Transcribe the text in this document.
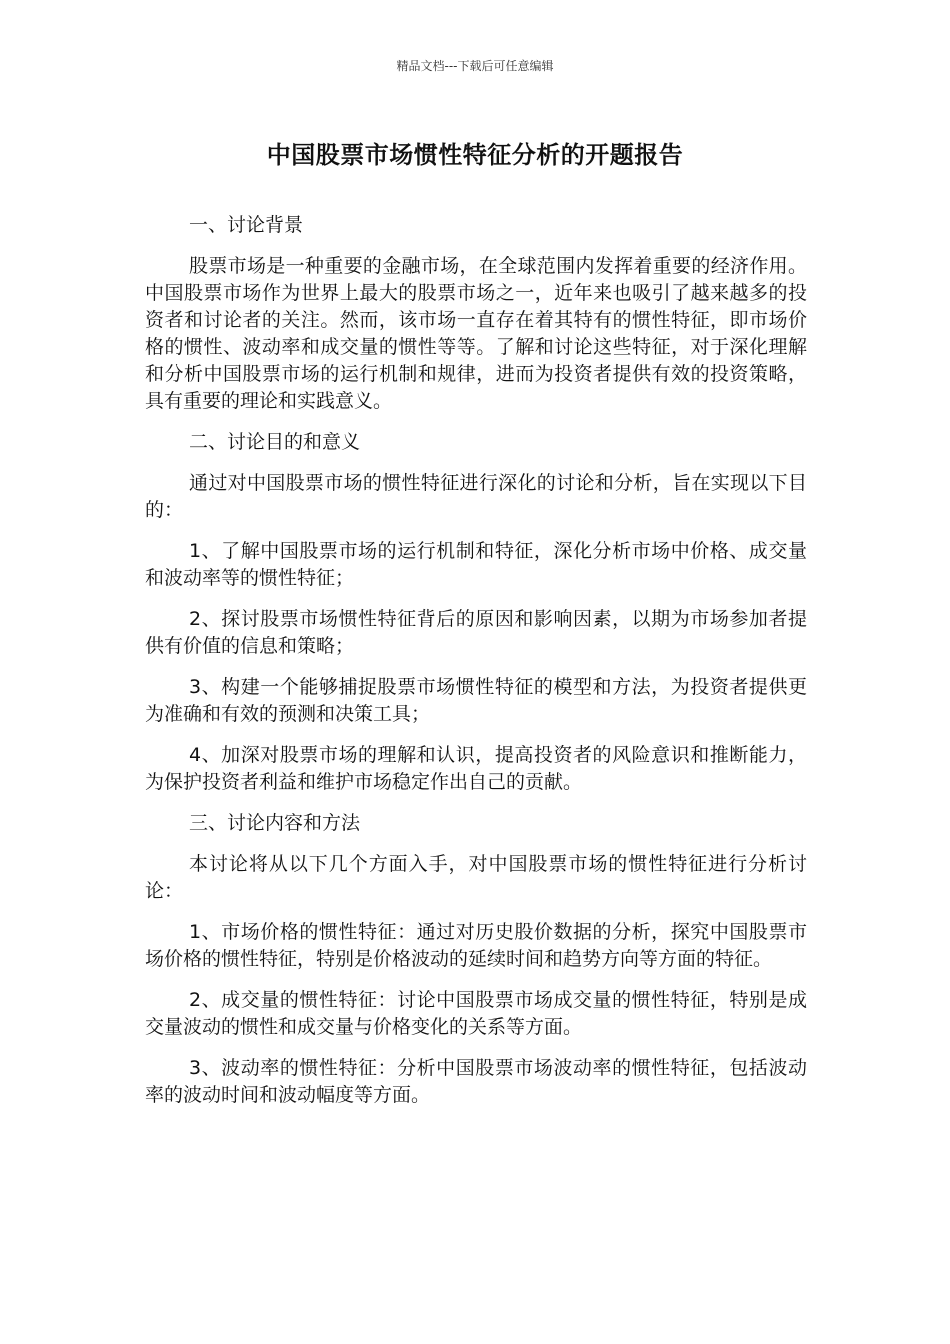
精品文档---下载后可任意编辑
中国股票市场惯性特征分析的开题报告

一、讨论背景

股票市场是一种重要的金融市场，在全球范围内发挥着重要的经济作用。中国股票市场作为世界上最大的股票市场之一，近年来也吸引了越来越多的投资者和讨论者的关注。然而，该市场一直存在着其特有的惯性特征，即市场价格的惯性、波动率和成交量的惯性等等。了解和讨论这些特征，对于深化理解和分析中国股票市场的运行机制和规律，进而为投资者提供有效的投资策略，具有重要的理论和实践意义。

二、讨论目的和意义

通过对中国股票市场的惯性特征进行深化的讨论和分析，旨在实现以下目的：

1、了解中国股票市场的运行机制和特征，深化分析市场中价格、成交量和波动率等的惯性特征；

2、探讨股票市场惯性特征背后的原因和影响因素，以期为市场参加者提供有价值的信息和策略；

3、构建一个能够捕捉股票市场惯性特征的模型和方法，为投资者提供更为准确和有效的预测和决策工具；

4、加深对股票市场的理解和认识，提高投资者的风险意识和推断能力，为保护投资者利益和维护市场稳定作出自己的贡献。

三、讨论内容和方法

本讨论将从以下几个方面入手，对中国股票市场的惯性特征进行分析讨论：

1、市场价格的惯性特征：通过对历史股价数据的分析，探究中国股票市场价格的惯性特征，特别是价格波动的延续时间和趋势方向等方面的特征。

2、成交量的惯性特征：讨论中国股票市场成交量的惯性特征，特别是成交量波动的惯性和成交量与价格变化的关系等方面。

3、波动率的惯性特征：分析中国股票市场波动率的惯性特征，包括波动率的波动时间和波动幅度等方面。
